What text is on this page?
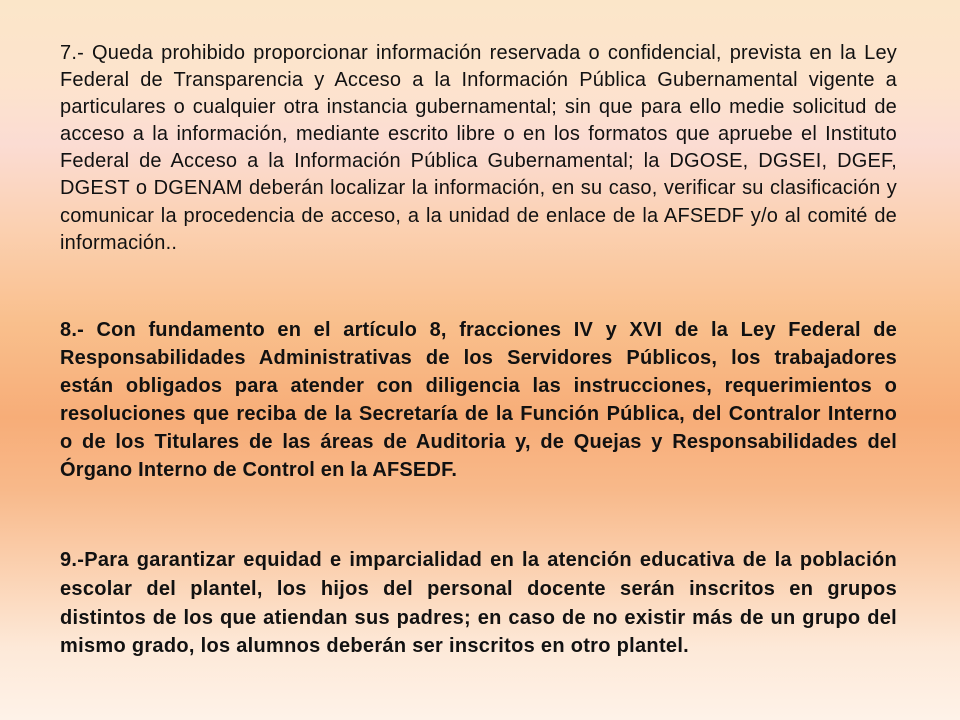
7.- Queda prohibido proporcionar información reservada o confidencial, prevista en la Ley Federal de Transparencia y Acceso a la Información Pública Gubernamental vigente a particulares o cualquier otra instancia gubernamental; sin que para ello medie solicitud de acceso a la información, mediante escrito libre o en los formatos que apruebe el Instituto Federal de Acceso a la Información Pública Gubernamental; la DGOSE, DGSEI, DGEF, DGEST o DGENAM deberán localizar la información, en su caso, verificar su clasificación y comunicar la procedencia de acceso, a la unidad de enlace de la AFSEDF y/o al comité de información..

8.- Con fundamento en el artículo 8, fracciones IV y XVI de la Ley Federal de Responsabilidades Administrativas de los Servidores Públicos, los trabajadores están obligados para atender con diligencia las instrucciones, requerimientos o resoluciones que reciba de la Secretaría de la Función Pública, del Contralor Interno o de los Titulares de las áreas de Auditoria y, de Quejas y Responsabilidades del Órgano Interno de Control en la AFSEDF.

9.-Para garantizar equidad e imparcialidad en la atención educativa de la población escolar del plantel, los hijos del personal docente serán inscritos en grupos distintos de los que atiendan sus padres; en caso de no existir más de un grupo del mismo grado, los alumnos deberán ser inscritos en otro plantel.
